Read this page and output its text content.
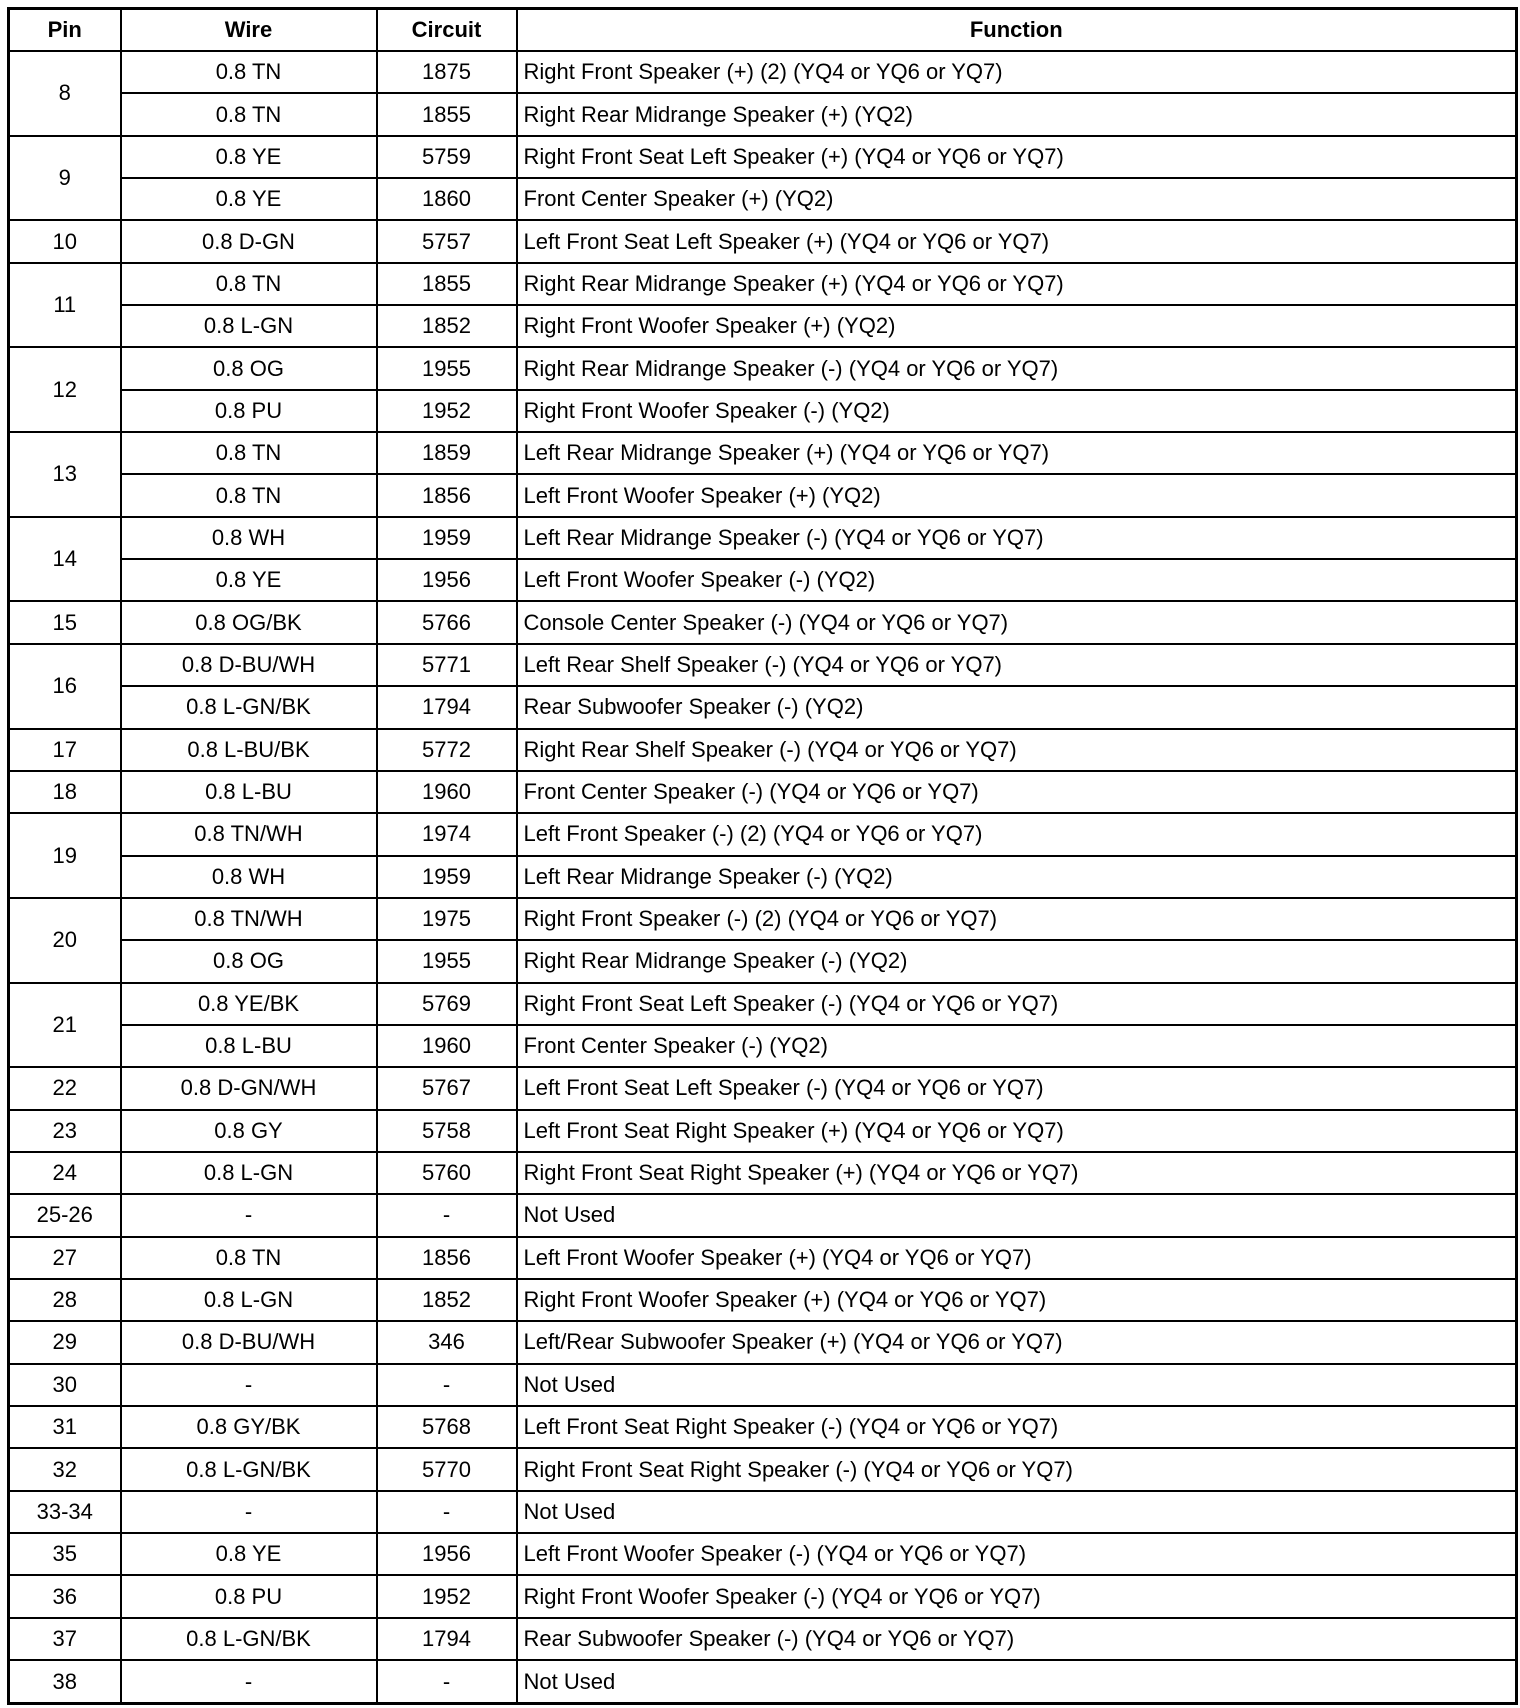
Pin	Wire	Circuit	Function
8	0.8 TN	1875	Right Front Speaker (+) (2) (YQ4 or YQ6 or YQ7)
	0.8 TN	1855	Right Rear Midrange Speaker (+) (YQ2)
9	0.8 YE	5759	Right Front Seat Left Speaker (+) (YQ4 or YQ6 or YQ7)
	0.8 YE	1860	Front Center Speaker (+) (YQ2)
10	0.8 D-GN	5757	Left Front Seat Left Speaker (+) (YQ4 or YQ6 or YQ7)
11	0.8 TN	1855	Right Rear Midrange Speaker (+) (YQ4 or YQ6 or YQ7)
	0.8 L-GN	1852	Right Front Woofer Speaker (+) (YQ2)
12	0.8 OG	1955	Right Rear Midrange Speaker (-) (YQ4 or YQ6 or YQ7)
	0.8 PU	1952	Right Front Woofer Speaker (-) (YQ2)
13	0.8 TN	1859	Left Rear Midrange Speaker (+) (YQ4 or YQ6 or YQ7)
	0.8 TN	1856	Left Front Woofer Speaker (+) (YQ2)
14	0.8 WH	1959	Left Rear Midrange Speaker (-) (YQ4 or YQ6 or YQ7)
	0.8 YE	1956	Left Front Woofer Speaker (-) (YQ2)
15	0.8 OG/BK	5766	Console Center Speaker (-) (YQ4 or YQ6 or YQ7)
16	0.8 D-BU/WH	5771	Left Rear Shelf Speaker (-) (YQ4 or YQ6 or YQ7)
	0.8 L-GN/BK	1794	Rear Subwoofer Speaker (-) (YQ2)
17	0.8 L-BU/BK	5772	Right Rear Shelf Speaker (-) (YQ4 or YQ6 or YQ7)
18	0.8 L-BU	1960	Front Center Speaker (-) (YQ4 or YQ6 or YQ7)
19	0.8 TN/WH	1974	Left Front Speaker (-) (2) (YQ4 or YQ6 or YQ7)
	0.8 WH	1959	Left Rear Midrange Speaker (-) (YQ2)
20	0.8 TN/WH	1975	Right Front Speaker (-) (2) (YQ4 or YQ6 or YQ7)
	0.8 OG	1955	Right Rear Midrange Speaker (-) (YQ2)
21	0.8 YE/BK	5769	Right Front Seat Left Speaker (-) (YQ4 or YQ6 or YQ7)
	0.8 L-BU	1960	Front Center Speaker (-) (YQ2)
22	0.8 D-GN/WH	5767	Left Front Seat Left Speaker (-) (YQ4 or YQ6 or YQ7)
23	0.8 GY	5758	Left Front Seat Right Speaker (+) (YQ4 or YQ6 or YQ7)
24	0.8 L-GN	5760	Right Front Seat Right Speaker (+) (YQ4 or YQ6 or YQ7)
25-26	-	-	Not Used
27	0.8 TN	1856	Left Front Woofer Speaker (+) (YQ4 or YQ6 or YQ7)
28	0.8 L-GN	1852	Right Front Woofer Speaker (+) (YQ4 or YQ6 or YQ7)
29	0.8 D-BU/WH	346	Left/Rear Subwoofer Speaker (+) (YQ4 or YQ6 or YQ7)
30	-	-	Not Used
31	0.8 GY/BK	5768	Left Front Seat Right Speaker (-) (YQ4 or YQ6 or YQ7)
32	0.8 L-GN/BK	5770	Right Front Seat Right Speaker (-) (YQ4 or YQ6 or YQ7)
33-34	-	-	Not Used
35	0.8 YE	1956	Left Front Woofer Speaker (-) (YQ4 or YQ6 or YQ7)
36	0.8 PU	1952	Right Front Woofer Speaker (-) (YQ4 or YQ6 or YQ7)
37	0.8 L-GN/BK	1794	Rear Subwoofer Speaker (-) (YQ4 or YQ6 or YQ7)
38	-	-	Not Used
